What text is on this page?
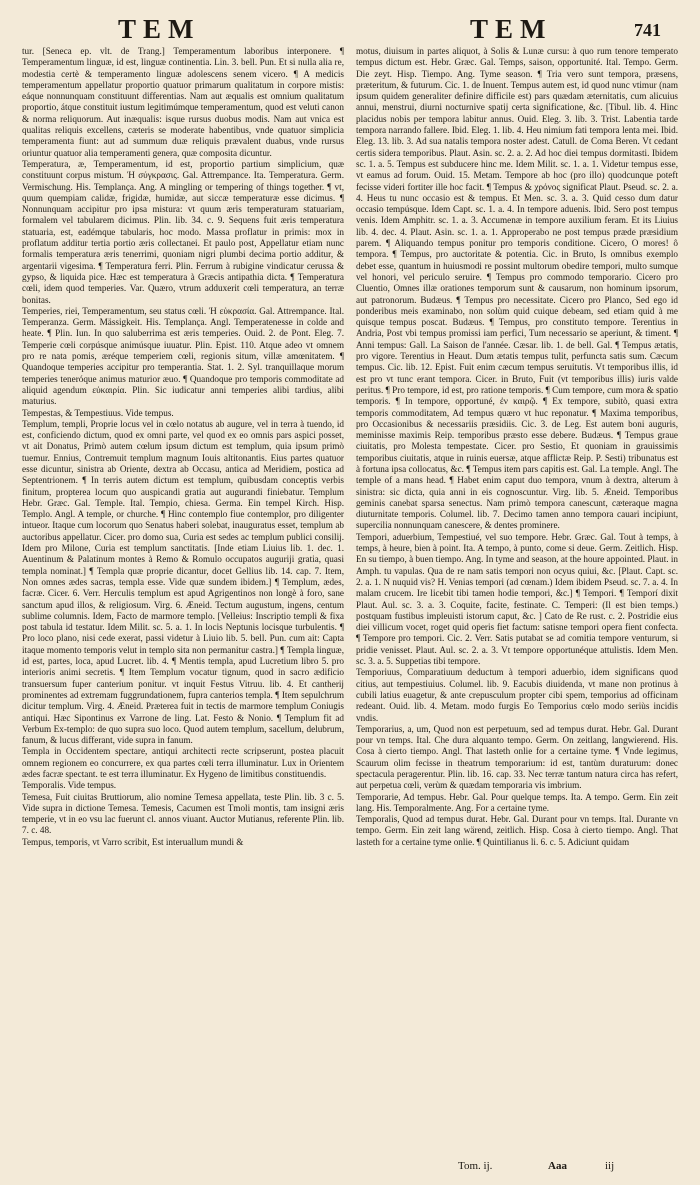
TEM	TEM	741

tur. [Seneca ep. vlt. de Trang.] Temperamentum laboribus interponere. ¶ Temperamentum linguæ, id est, linguæ continentia. Lin. 3. bell. Pun. Et si nulla alia re, modestia certè & temperamento linguæ adolescens senem vicero. ¶ A medicis temperamentum appellatur proportio quatuor primarum qualitatum in corpore mistis: eáque nonnunquam constituunt differentias. Nam aut æqualis est omnium qualitatum proportio, átque constituit iustum legitimúmque temperamentum, quod est veluti canon & norma reliquorum. Aut inæqualis: isque rursus duobus modis. Nam aut vnica est qualitas reliquis excellens, cæteris se moderate habentibus, vnde quatuor simplicia temperamenta fiunt: aut ad summum duæ reliquis prævalent duabus, vnde rursus oriuntur quatuor alia temperamenti genera, quæ composita dicuntur.

Temperatura, æ, Temperamentum, id est, proportio partium simplicium, quæ constituunt corpus mistum. Ἡ σύγκρασις. Gal. Attrempance. Ita. Temperatura. Germ. Vermischung. His. Templança. Ang. A mingling or tempering of things together. ¶ vt, quum quempiam calidæ, frigidæ, humidæ, aut siccæ temperaturæ esse dicimus. ¶ Nonnunquam accipitur pro ipsa mistura: vt quum æris temperaturam statuariam, formalem vel tabularem dicimus. Plin. lib. 34. c. 9. Sequens fuit æris temperatura statuaria, est, eadémque tabularis, hoc modo. Massa proflatur in primis: mox in proflatum additur tertia portio æris collectanei. Et paulo post, Appellatur etiam nunc formalis temperatura æris tenerrimi, quoniam nigri plumbi decima portio additur, & argentarii vigesima. ¶ Temperatura ferri. Plin. Ferrum à rubigine vindicatur cerussa & gypso, & liquida pice. Hæc est temperatura à Græcis antipathia dicta. ¶ Temperatura cœli, idem quod temperies. Var. Quæro, vtrum adduxerit cœli temperatura, an terræ bonitas.

Temperies, riei, Temperamentum, seu status cœli. Ἡ εὐκρασία. Gal. Attrempance. Ital. Temperanza. Germ. Mässigkeit. His. Templança. Angl. Temperatenesse in colde and heate. ¶ Plin. Iun. In quo saluberrima est æris temperies. Ouid. 2. de Pont. Eleg. 7. Temperie cœli corpúsque animúsque iuuatur. Plin. Epist. 110. Atque adeo vt omnem pro re nata pomis, æréque temperiem cœli, regionis situm, villæ amœnitatem. ¶ Quandoque temperies accipitur pro temperantia. Stat. 1. 2. Syl. tranquillaque morum temperies teneróque animus maturior æuo. ¶ Quandoque pro temporis commoditate ad aliquid agendum εὐκαιρία. Plin. Sic iudicatur anni temperies alibi tardius, alibi maturius.

Tempestas, & Tempestiuus. Vide tempus.

Templum, templi, Proprie locus vel in cœlo notatus ab augure, vel in terra à tuendo, id est, conficiendo dictum, quod ex omni parte, vel quod ex eo omnis pars aspici posset, vt ait Donatus, Primò autem cœlum ipsum dictum est templum, quia ipsum primò tuemur. Ennius, Contremuit templum magnum Iouis altitonantis. Eius partes quatuor esse dicuntur, sinistra ab Oriente, dextra ab Occasu, antica ad Meridiem, postica ad Septentrionem. ¶ In terris autem dictum est templum, quibusdam conceptis verbis finitum, propterea locum quo auspicandi gratia aut augurandi finiebatur. Templum Hebr. Græc. Gal. Temple. Ital. Tempio, chiesa. Germa. Ein tempel Kirch. Hisp. Templo. Angl. A temple, or churche. ¶ Hinc contemplo fiue contemplor, pro diligenter intueor. Itaque cum locorum quo Senatus haberi solebat, inauguratus esset, templum ab auctoribus appellatur. Cicer. pro domo sua, Curia est sedes ac templum publici consilij. Idem pro Milone, Curia est templum sanctitatis. [Inde etiam Liuius lib. 1. dec. 1. Auentinum & Palatinum montes à Remo & Romulo occupatos auguriji gratia, quasi templa nominat.] ¶ Templa quæ proprie dicantur, docet Gellius lib. 14. cap. 7. Item, Non omnes ædes sacras, templa esse. Vide quæ sundem ibidem.] ¶ Templum, ædes, facræ. Cicer. 6. Verr. Herculis templum est apud Agrigentinos non longè à foro, sane sanctum apud illos, & religiosum. Virg. 6. Æneid. Tectum augustum, ingens, centum sublime columnis. Idem, Facto de marmore templo. [Velleius: Inscriptio templi & fixa post tabula id testatur. Idem Milit. sc. 5. a. 1. In locis Neptunis locisque turbulentis. ¶ Pro loco plano, nisi cede exerat, passi videtur à Liuio lib. 5. bell. Pun. cum ait: Capta itaque momento temporis velut in templo sita non permanitur castra.] ¶ Templa linguæ, id est, partes, loca, apud Lucret. lib. 4. ¶ Mentis templa, apud Lucretium libro 5. pro interioris animi secretis. ¶ Item Templum vocatur tignum, quod in sacro ædificio transuersum fuper canterium ponitur. vt inquit Festus Vitruu. lib. 4. Et cantherij prominentes ad extremam fuggrundationem, fupra canterios templa. ¶ Item sepulchrum dicitur templum. Virg. 4. Æneid. Præterea fuit in tectis de marmore templum Coniugis antiqui. Hæc Sipontinus ex Varrone de ling. Lat. Festo & Nonio. ¶ Templum fit ad Verbum Ex-templo: de quo supra suo loco. Quod autem templum, sacellum, delubrum, fanum, & lucus differant, vide supra in fanum.

Templa in Occidentem spectare, antiqui architecti recte scripserunt, postea placuit omnem regionem eo concurrere, ex qua partes cœli terra illuminatur. Lux in Orientem ædes facræ spectant. te est terra illuminatur. Ex Hygeno de limitibus constituendis.

Temporalis. Vide tempus.

Temesa, Fuit ciuitas Bruttiorum, alio nomine Temesa appellata, teste Plin. lib. 3 c. 5. Vide supra in dictione Temesa. Temesis, Cacumen est Tmoli montis, tam insigni æris temperie, vt in eo vsu lac fuerunt cl. annos viuant. Auctor Mutianus, referente Plin. lib. 7. c. 48.

Tempus, temporis, vt Varro scribit, Est interuallum mundi &

motus, diuisum in partes aliquot, à Solis & Lunæ cursu: à quo rum tenore temperato tempus dictum est. Hebr. Græc. Gal. Temps, saison, opportunité. Ital. Tempo. Germ. Die zeyt. Hisp. Tiempo. Ang. Tyme season. ¶ Tria vero sunt tempora, præsens, præteritum, & futurum. Cic. 1. de Inuent. Tempus autem est, id quod nunc vtimur (nam ipsum quidem generaliter definire difficile est) pars quædam æternitatis, cum alicuius annui, menstrui, diurni nocturnive spatij certa significatione, &c. [Tibul. lib. 4. Hinc placidus nobis per tempora labitur annus. Ouid. Eleg. 3. lib. 3. Trist. Labentia tarde tempora narrando fallere. Ibid. Eleg. 1. lib. 4. Heu nimium fati tempora lenta mei. Ibid. Eleg. 13. lib. 3. Ad sua natalis tempora noster adest. Catull. de Coma Beren. Vt cedant certis sidera temporibus. Plaut. Asin. sc. 2. a. 2. Ad hoc diei tempus dormitasti. Ibidem sc. 1. a. 5. Tempus est subducere hinc me. Idem Milit. sc. 1. a. 1. Videtur tempus esse, vt eamus ad forum. Ouid. 15. Metam. Tempore ab hoc (pro illo) quodcunque poteft fecisse videri fortiter ille hoc facit. ¶ Tempus & χρόνος significat Plaut. Pseud. sc. 2. a. 4. Heus tu nunc occasio est & tempus. Et Men. sc. 3. a. 3. Quid cesso dum datur occasio tempúsque. Idem Capt. sc. 1. a. 4. In tempore aduenis. Ibid. Sero post tempus venis. Idem Amphitr. sc. 1. a. 3. Accumenæ in tempore auxilium feram. Et its Liuius lib. 4. dec. 4. Plaut. Asin. sc. 1. a. 1. Approperabo ne post tempus præde præsidium parem. ¶ Aliquando tempus ponitur pro temporis conditione. Cicero, O mores! ô tempora. ¶ Tempus, pro auctoritate & potentia. Cic. in Bruto, Is omnibus exemplo debet esse, quantum in huiusmodi re possint multorum obedire tempori, multo sumque vel honori, vel periculo seruire. ¶ Tempus pro commodo temporario. Cicero pro Cluentio, Omnes illæ orationes temporum sunt & causarum, non hominum ipsorum, aut patronorum. Budæus. ¶ Tempus pro necessitate. Cicero pro Planco, Sed ego id ponderibus meis examinabo, non solùm quid cuique debeam, sed etiam quid à me quisque tempus poscat. Budæus. ¶ Tempus, pro constituto tempore. Terentius in Andria, Post vbi tempus promissi iam perfici, Tum necessario se aperiunt, & timent. ¶ Anni tempus: Gall. La Saison de l'année. Cæsar. lib. 1. de bell. Gal. ¶ Tempus ætatis, pro vigore. Terentius in Heaut. Dum ætatis tempus tulit, perfuncta satis sum. Cæcum tempus. Cic. lib. 12. Epist. Fuit enim cæcum tempus seruitutis. Vt temporibus illis, id est pro vt tunc erant tempora. Cicer. in Bruto, Fuit (vt temporibus illis) iuris valde peritus. ¶ Pro tempore, id est, pro ratione temporis. ¶ Cum tempore, cum mora & spatio temporis. ¶ In tempore, opportuné, ἐν καιρῷ. ¶ Ex tempore, subitò, quasi extra temporis commoditatem, Ad tempus quæro vt huc reponatur. ¶ Maxima temporibus, pro Occasionibus & necessariis præsidiis. Cic. 3. de Leg. Est autem boni auguris, meminisse maximis Reip. temporibus præsto esse debere. Budæus. ¶ Tempus graue ciuitatis, pro Molesta tempestate. Cicer. pro Sestio, Et quoniam in grauissimis temporibus ciuitatis, atque in ruinis euersæ, atque afflictæ Reip. P. Sesti) tribunatus est à fortuna ipsa collocatus, &c. ¶ Tempus item pars capitis est. Gal. La temple. Angl. The temple of a mans head. ¶ Habet enim caput duo tempora, vnum à dextra, alterum à sinistra: sic dicta, quia anni in eis cognoscuntur. Virg. lib. 5. Æneid. Temporibus geminis canebat sparsa senectus. Nam primò tempora canescunt, cæteraque magna diuturnitate temporis. Columel. lib. 7. Decimo tamen anno tempora cauari incipiunt, supercilia nonnunquam canescere, & dentes prominere.

Tempori, aduerbium, Tempestiué, vel suo tempore. Hebr. Græc. Gal. Tout à temps, à temps, à heure, bien à point. Ita. A tempo, à punto, come si deue. Germ. Zeitlich. Hisp. En su tiempo, à buen tiempo. Ang. In tyme and season, at the houre appointed. Plaut. in Amph. tu vapulas. Qua de re nam satis tempori non ocyus quiui, &c. [Plaut. Capt. sc. 2. a. 1. N nuquid vis? H. Venias tempori (ad cœnam.) Idem ibidem Pseud. sc. 7. a. 4. In malam crucem. Ire licebit tibi tamen hodie tempori, &c.] ¶ Tempori. ¶ Temporí dixit Plaut. Aul. sc. 3. a. 3. Coquite, facite, festinate. C. Temperi: (Il est bien temps.) postquam fustibus impleuisti istorum caput, &c. ] Cato de Re rust. c. 2. Postridie eius diei villicum vocet, roget quid operis fiet factum: satisne tempori opera fient confecta. ¶ Tempore pro tempori. Cic. 2. Verr. Satis putabat se ad comitia tempore venturum, si pridie venisset. Plaut. Aul. sc. 2. a. 3. Vt tempore opportunéque attulistis. Idem Men. sc. 3. a. 5. Suppetias tibi tempore.

Temporiuus, Comparatiuum deductum à tempori aduerbio, idem significans quod citius, aut tempestiuius. Columel. lib. 9. Eacubis diuidenda, vt mane non protinus à cubili latius euagetur, & ante crepusculum propter cibi spem, temporius ad officinam redeant. Ouid. lib. 4. Metam. modo furgis Eo Temporius cœlo modo seriùs incidis vndis.

Temporarius, a, um, Quod non est perpetuum, sed ad tempus durat. Hebr. Gal. Durant pour vn temps. Ital. Che dura alquanto tempo. Germ. On zeitlang, langwierend. His. Cosa à cierto tiempo. Angl. That lasteth onlie for a certaine tyme. ¶ Vnde legimus, Scaurum olim fecisse in theatrum temporarium: id est, tantùm duraturum: donec spectacula peragerentur. Plin. lib. 16. cap. 33. Nec terræ tantum natura circa has refert, aut perpetua cœli, verùm & quædam temporaria vis imbrium.

Temporarie, Ad tempus. Hebr. Gal. Pour quelque temps. Ita. A tempo. Germ. Ein zeit lang. His. Temporalmente. Ang. For a certaine tyme.

Temporalis, Quod ad tempus durat. Hebr. Gal. Durant pour vn temps. Ital. Durante vn tempo. Germ. Ein zeit lang wärend, zeitlich. Hisp. Cosa à cierto tiempo. Angl. That lasteth for a certaine tyme onlie. ¶ Quintilianus li. 6. c. 5. Adiciunt quidam

Tom. ij.	Aaa	iij
